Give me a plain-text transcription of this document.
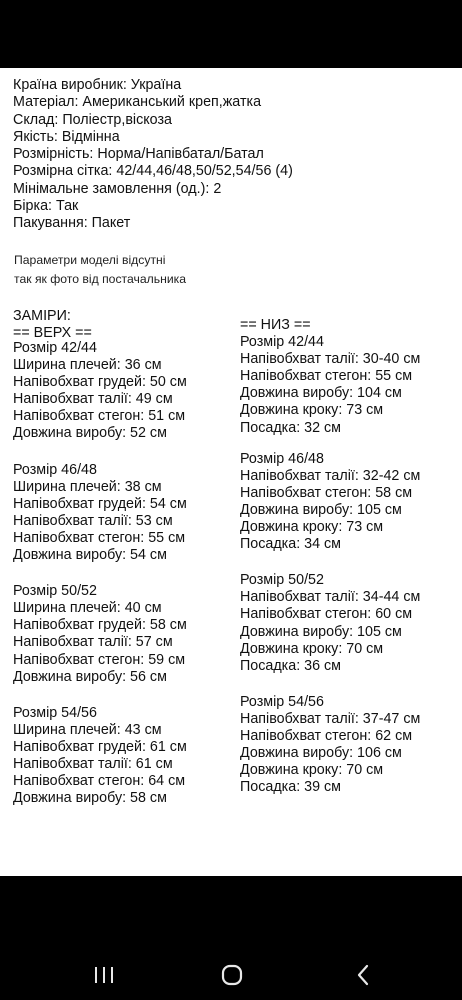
Країна виробник: Україна
Матеріал: Американський креп,жатка
Склад: Поліестр,віскоза
Якість: Відмінна
Розмірність: Норма/Напівбатал/Батал
Розмірна сітка: 42/44,46/48,50/52,54/56 (4)
Мінімальне замовлення (од.): 2
Бірка: Так
Пакування: Пакет
Параметри моделі відсутні
так як фото від постачальника
ЗАМІРИ:
== ВЕРХ ==
Розмір 42/44
Ширина плечей: 36 см
Напівобхват грудей: 50 см
Напівобхват талії: 49 см
Напівобхват стегон: 51 см
Довжина виробу: 52 см
Розмір 46/48
Ширина плечей: 38 см
Напівобхват грудей: 54 см
Напівобхват талії: 53 см
Напівобхват стегон: 55 см
Довжина виробу: 54 см
Розмір 50/52
Ширина плечей: 40 см
Напівобхват грудей: 58 см
Напівобхват талії: 57 см
Напівобхват стегон: 59 см
Довжина виробу: 56 см
Розмір 54/56
Ширина плечей: 43 см
Напівобхват грудей: 61 см
Напівобхват талії: 61 см
Напівобхват стегон: 64 см
Довжина виробу: 58 см
== НИЗ ==
Розмір 42/44
Напівобхват талії: 30-40 см
Напівобхват стегон: 55 см
Довжина виробу: 104 см
Довжина кроку: 73 см
Посадка: 32 см
Розмір 46/48
Напівобхват талії: 32-42 см
Напівобхват стегон: 58 см
Довжина виробу: 105 см
Довжина кроку: 73 см
Посадка: 34 см
Розмір 50/52
Напівобхват талії: 34-44 см
Напівобхват стегон: 60 см
Довжина виробу: 105 см
Довжина кроку: 70 см
Посадка: 36 см
Розмір 54/56
Напівобхват талії: 37-47 см
Напівобхват стегон: 62 см
Довжина виробу: 106 см
Довжина кроку: 70 см
Посадка: 39 см
